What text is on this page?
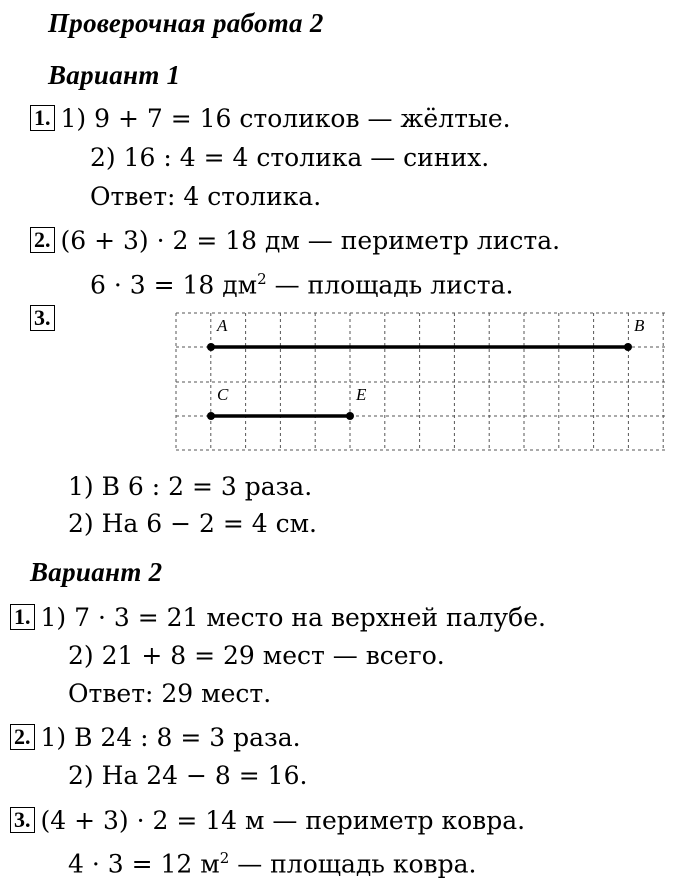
Проверочная работа 2
Вариант 1
1. 1) 9 + 7 = 16 столиков — жёлтые.
2) 16 : 4 = 4 столика — синих.
Ответ: 4 столика.
2. (6 + 3) · 2 = 18 дм — периметр листа.
6 · 3 = 18 $дм^2$ — площадь листа.
3.	A	B
C	E
1) В 6 : 2 = 3 раза.
2) На 6 − 2 = 4 см.
Вариант 2
1. 1) 7 · 3 = 21 место на верхней палубе.
2) 21 + 8 = 29 мест — всего.
Ответ: 29 мест.
2. 1) В 24 : 8 = 3 раза.
2) На 24 − 8 = 16.
3. (4 + 3) · 2 = 14 м — периметр ковра.
4 · 3 = 12 $м^2$ — площадь ковра.
